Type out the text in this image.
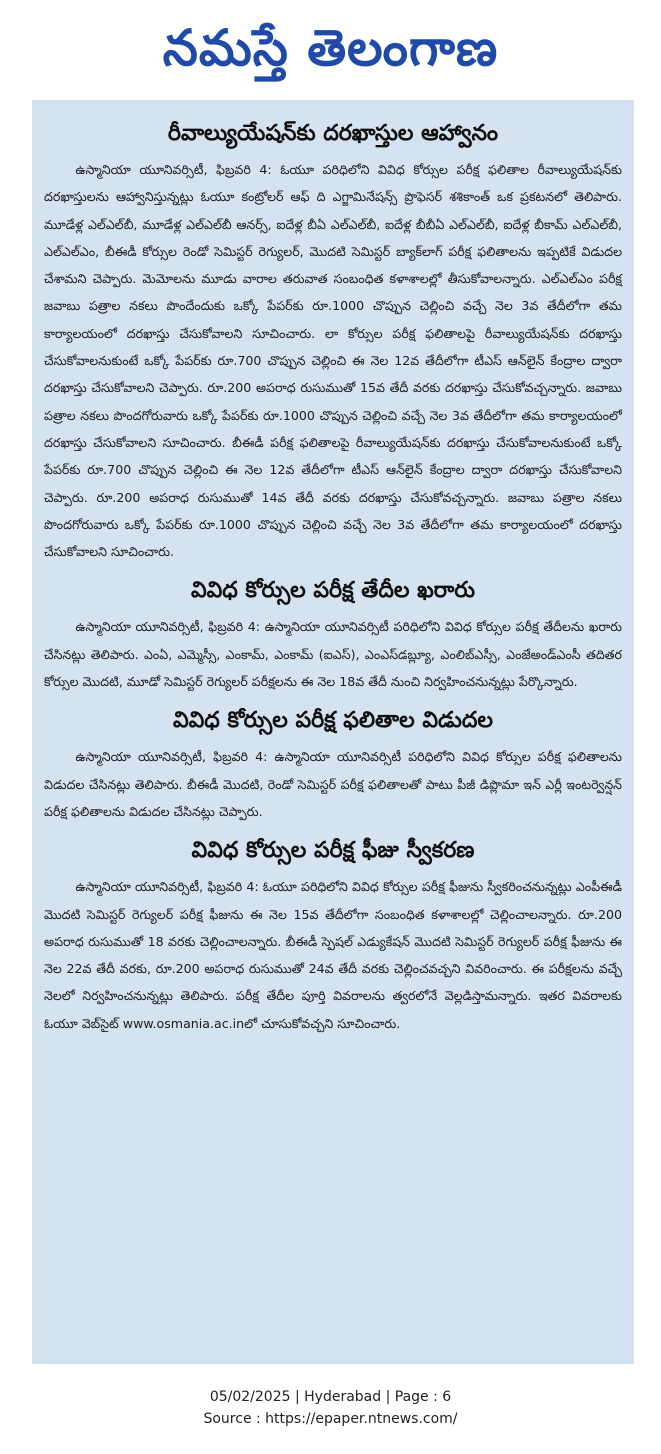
నమస్తే తెలంగాణ
రీవాల్యుయేషన్‌కు దరఖాస్తుల ఆహ్వానం

ఉస్మానియా యూనివర్సిటీ, ఫిబ్రవరి 4: ఓయూ పరిధిలోని వివిధ కోర్సుల పరీక్ష ఫలితాల రీవాల్యుయేషన్‌కు దరఖాస్తులను ఆహ్వానిస్తున్నట్లు ఓయూ కంట్రోలర్ ఆఫ్ ది ఎగ్జామినేషన్స్ ప్రొఫెసర్ శశికాంత్ ఒక ప్రకటనలో తెలిపారు. మూడేళ్ల ఎల్ఎల్‌బీ, మూడేళ్ల ఎల్ఎల్‌బీ ఆనర్స్, ఐదేళ్ల బీఏ ఎల్ఎల్‌బీ, ఐదేళ్ల బీబీఏ ఎల్ఎల్‌బీ, ఐదేళ్ల బీకామ్ ఎల్ఎల్‌బీ, ఎల్ఎల్ఎం, బీఈడీ కోర్సుల రెండో సెమిస్టర్ రెగ్యులర్, మొదటి సెమిస్టర్ బ్యాక్‌లాగ్ పరీక్ష ఫలితాలను ఇప్పటికే విడుదల చేశామని చెప్పారు. మెమోలను మూడు వారాల తరువాత సంబంధిత కళాశాలల్లో తీసుకోవాలన్నారు. ఎల్ఎల్ఎం పరీక్ష జవాబు పత్రాల నకలు పొందేందుకు ఒక్కో పేపర్‌కు రూ.1000 చొప్పున చెల్లించి వచ్చే నెల 3వ తేదీలోగా తమ కార్యాలయంలో దరఖాస్తు చేసుకోవాలని సూచించారు. లా కోర్సుల పరీక్ష ఫలితాలపై రీవాల్యుయేషన్‌కు దరఖాస్తు చేసుకోవాలనుకుంటే ఒక్కో పేపర్‌కు రూ.700 చొప్పున చెల్లించి ఈ నెల 12వ తేదీలోగా టీఎస్ ఆన్‌లైన్ కేంద్రాల ద్వారా దరఖాస్తు చేసుకోవాలని చెప్పారు. రూ.200 అపరాధ రుసుముతో 15వ తేదీ వరకు దరఖాస్తు చేసుకోవచ్చన్నారు. జవాబు పత్రాల నకలు పొందగోరువారు ఒక్కో పేపర్‌కు రూ.1000 చొప్పున చెల్లించి వచ్చే నెల 3వ తేదీలోగా తమ కార్యాలయంలో దరఖాస్తు చేసుకోవాలని సూచించారు. బీఈడీ పరీక్ష ఫలితాలపై రీవాల్యుయేషన్‌కు దరఖాస్తు చేసుకోవాలనుకుంటే ఒక్కో పేపర్‌కు రూ.700 చొప్పున చెల్లించి ఈ నెల 12వ తేదీలోగా టీఎస్ ఆన్‌లైన్ కేంద్రాల ద్వారా దరఖాస్తు చేసుకోవాలని చెప్పారు. రూ.200 అపరాధ రుసుముతో 14వ తేదీ వరకు దరఖాస్తు చేసుకోవచ్చన్నారు. జవాబు పత్రాల నకలు పొందగోరువారు ఒక్కో పేపర్‌కు రూ.1000 చొప్పున చెల్లించి వచ్చే నెల 3వ తేదీలోగా తమ కార్యాలయంలో దరఖాస్తు చేసుకోవాలని సూచించారు.

వివిధ కోర్సుల పరీక్ష తేదీల ఖరారు

ఉస్మానియా యూనివర్సిటీ, ఫిబ్రవరి 4: ఉస్మానియా యూనివర్సిటీ పరిధిలోని వివిధ కోర్సుల పరీక్ష తేదీలను ఖరారు చేసినట్లు తెలిపారు. ఎంఏ, ఎమ్మెస్సీ, ఎంకామ్, ఎంకామ్ (ఐఎస్), ఎంఎస్‌డబ్ల్యూ, ఎంలిబ్ఎస్సీ, ఎంజేఅండ్ఎంసీ తదితర కోర్సుల మొదటి, మూడో సెమిస్టర్ రెగ్యులర్ పరీక్షలను ఈ నెల 18వ తేదీ నుంచి నిర్వహించనున్నట్లు పేర్కొన్నారు.

వివిధ కోర్సుల పరీక్ష ఫలితాల విడుదల

ఉస్మానియా యూనివర్సిటీ, ఫిబ్రవరి 4: ఉస్మానియా యూనివర్సిటీ పరిధిలోని వివిధ కోర్సుల పరీక్ష ఫలితాలను విడుదల చేసినట్లు తెలిపారు. బీఈడీ మొదటి, రెండో సెమిస్టర్ పరీక్ష ఫలితాలతో పాటు పీజీ డిప్లొమా ఇన్ ఎర్లీ ఇంటర్వెన్షన్ పరీక్ష ఫలితాలను విడుదల చేసినట్లు చెప్పారు.

వివిధ కోర్సుల పరీక్ష ఫీజు స్వీకరణ

ఉస్మానియా యూనివర్సిటీ, ఫిబ్రవరి 4: ఓయూ పరిధిలోని వివిధ కోర్సుల పరీక్ష ఫీజును స్వీకరించనున్నట్లు ఎంపీఈడీ మొదటి సెమిస్టర్ రెగ్యులర్ పరీక్ష ఫీజును ఈ నెల 15వ తేదీలోగా సంబంధిత కళాశాలల్లో చెల్లించాలన్నారు. రూ.200 అపరాధ రుసుముతో 18 వరకు చెల్లించాలన్నారు. బీఈడీ స్పెషల్ ఎడ్యుకేషన్ మొదటి సెమిస్టర్ రెగ్యులర్ పరీక్ష ఫీజును ఈ నెల 22వ తేదీ వరకు, రూ.200 అపరాధ రుసుముతో 24వ తేదీ వరకు చెల్లించవచ్చని వివరించారు. ఈ పరీక్షలను వచ్చే నెలలో నిర్వహించనున్నట్లు తెలిపారు. పరీక్ష తేదీల పూర్తి వివరాలను త్వరలోనే వెల్లడిస్తామన్నారు. ఇతర వివరాలకు ఓయూ వెబ్‌సైట్ www.osmania.ac.inలో చూసుకోవచ్చని సూచించారు.

05/02/2025 | Hyderabad | Page : 6
Source : https://epaper.ntnews.com/
